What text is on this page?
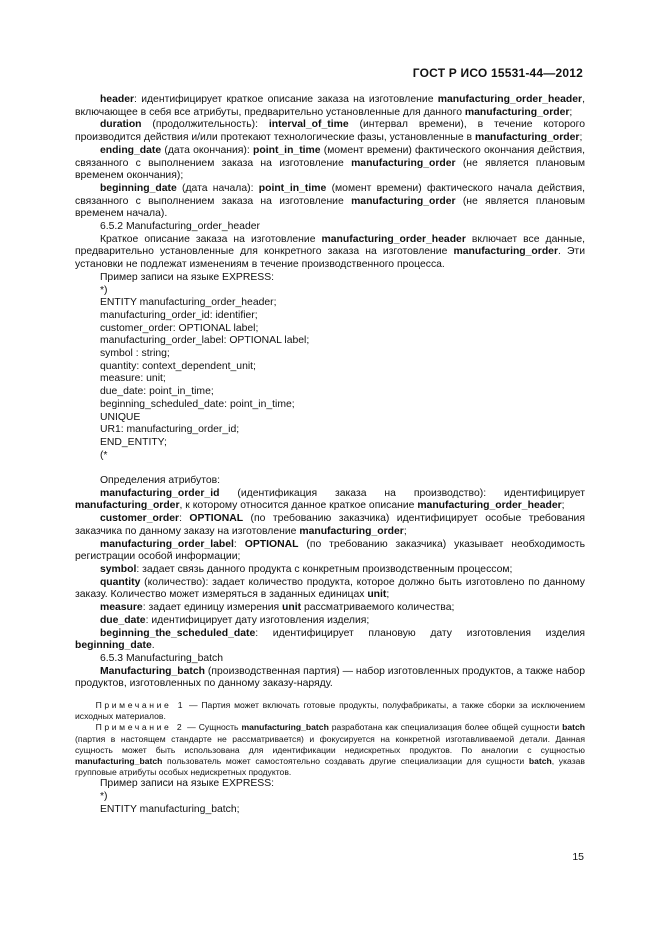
ГОСТ Р ИСО 15531-44—2012
header: идентифицирует краткое описание заказа на изготовление manufacturing_order_header, включающее в себя все атрибуты, предварительно установленные для данного manufacturing_order;
duration (продолжительность): interval_of_time (интервал времени), в течение которого производится действия и/или протекают технологические фазы, установленные в manufacturing_order;
ending_date (дата окончания): point_in_time (момент времени) фактического окончания действия, связанного с выполнением заказа на изготовление manufacturing_order (не является плановым временем окончания);
beginning_date (дата начала): point_in_time (момент времени) фактического начала действия, связанного с выполнением заказа на изготовление manufacturing_order (не является плановым временем начала).
6.5.2 Manufacturing_order_header
Краткое описание заказа на изготовление manufacturing_order_header включает все данные, предварительно установленные для конкретного заказа на изготовление manufacturing_order. Эти установки не подлежат изменениям в течение производственного процесса.
Пример записи на языке EXPRESS:
*)
ENTITY manufacturing_order_header;
manufacturing_order_id: identifier;
customer_order: OPTIONAL label;
manufacturing_order_label: OPTIONAL label;
symbol : string;
quantity: context_dependent_unit;
measure: unit;
due_date: point_in_time;
beginning_scheduled_date: point_in_time;
UNIQUE
UR1: manufacturing_order_id;
END_ENTITY;
(*
Определения атрибутов:
manufacturing_order_id (идентификация заказа на производство): идентифицирует manufacturing_order, к которому относится данное краткое описание manufacturing_order_header;
customer_order: OPTIONAL (по требованию заказчика) идентифицирует особые требования заказчика по данному заказу на изготовление manufacturing_order;
manufacturing_order_label: OPTIONAL (по требованию заказчика) указывает необходимость регистрации особой информации;
symbol: задает связь данного продукта с конкретным производственным процессом;
quantity (количество): задает количество продукта, которое должно быть изготовлено по данному заказу. Количество может измеряться в заданных единицах unit;
measure: задает единицу измерения unit рассматриваемого количества;
due_date: идентифицирует дату изготовления изделия;
beginning_the_scheduled_date: идентифицирует плановую дату изготовления изделия beginning_date.
6.5.3 Manufacturing_batch
Manufacturing_batch (производственная партия) — набор изготовленных продуктов, а также набор продуктов, изготовленных по данному заказу-наряду.
Примечание 1 — Партия может включать готовые продукты, полуфабрикаты, а также сборки за исключением исходных материалов.
Примечание 2 — Сущность manufacturing_batch разработана как специализация более общей сущности batch (партия в настоящем стандарте не рассматривается) и фокусируется на конкретной изготавливаемой детали. Данная сущность может быть использована для идентификации недискретных продуктов. По аналогии с сущностью manufacturing_batch пользователь может самостоятельно создавать другие специализации для сущности batch, указав групповые атрибуты особых недискретных продуктов.
Пример записи на языке EXPRESS:
*)
ENTITY manufacturing_batch;
15
